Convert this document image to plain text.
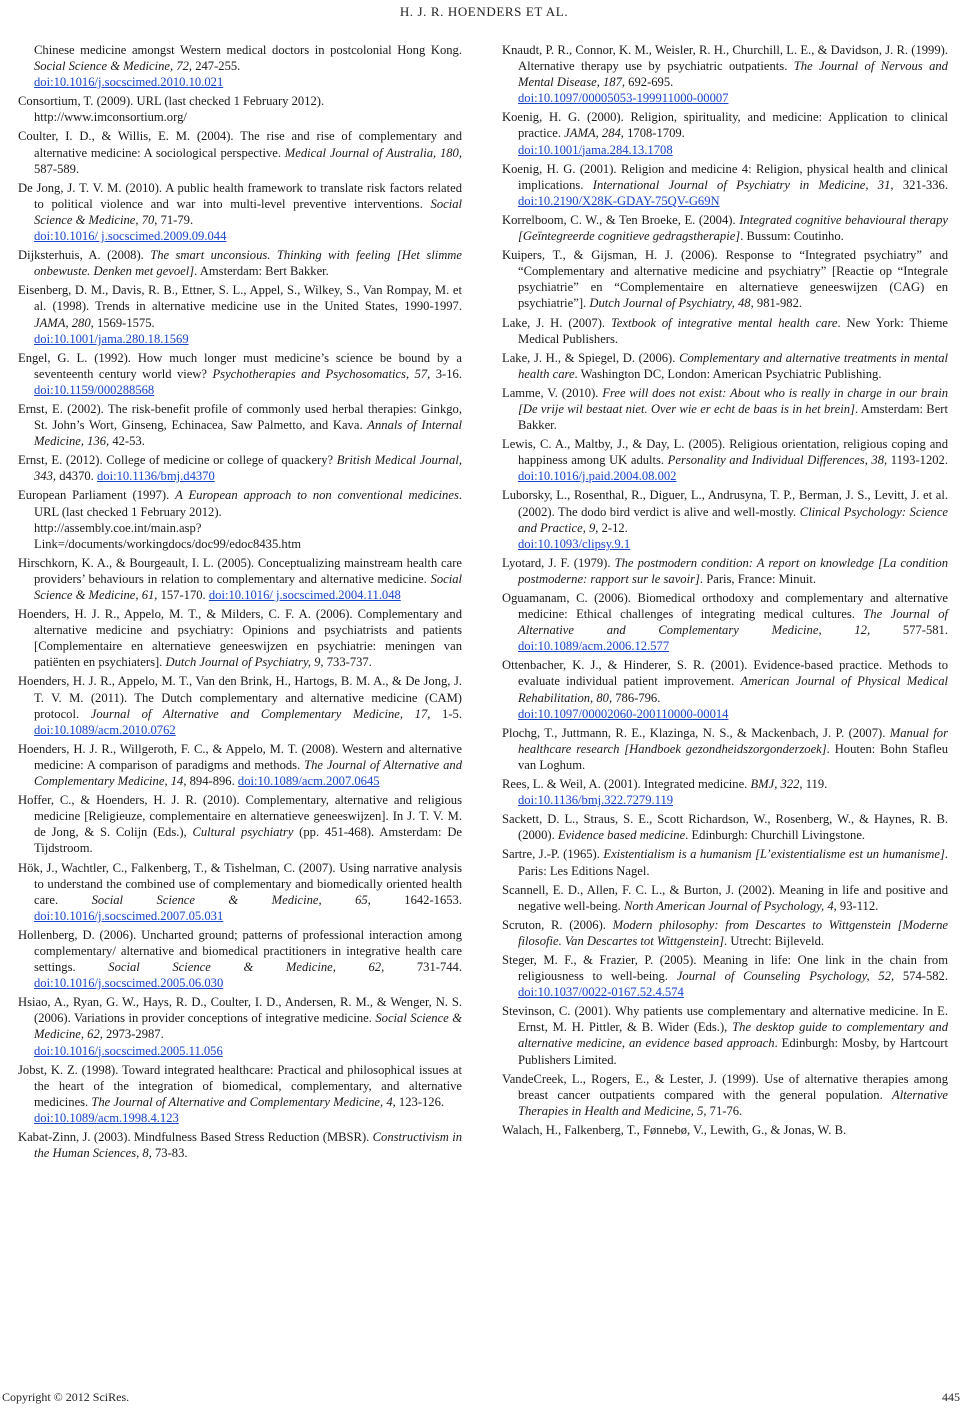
H. J. R. HOENDERS ET AL.

Chinese medicine amongst Western medical doctors in postcolonial Hong Kong. Social Science & Medicine, 72, 247-255.
doi:10.1016/j.socscimed.2010.10.021

Consortium, T. (2009). URL (last checked 1 February 2012).
http://www.imconsortium.org/

Coulter, I. D., & Willis, E. M. (2004). The rise and rise of complementary and alternative medicine: A sociological perspective. Medical Journal of Australia, 180, 587-589.

De Jong, J. T. V. M. (2010). A public health framework to translate risk factors related to political violence and war into multi-level preventive interventions. Social Science & Medicine, 70, 71-79.
doi:10.1016/ j.socscimed.2009.09.044

Dijksterhuis, A. (2008). The smart unconsious. Thinking with feeling [Het slimme onbewuste. Denken met gevoel]. Amsterdam: Bert Bakker.

Eisenberg, D. M., Davis, R. B., Ettner, S. L., Appel, S., Wilkey, S., Van Rompay, M. et al. (1998). Trends in alternative medicine use in the United States, 1990-1997. JAMA, 280, 1569-1575.
doi:10.1001/jama.280.18.1569

Engel, G. L. (1992). How much longer must medicine’s science be bound by a seventeenth century world view? Psychotherapies and Psychosomatics, 57, 3-16. doi:10.1159/000288568

Ernst, E. (2002). The risk-benefit profile of commonly used herbal therapies: Ginkgo, St. John’s Wort, Ginseng, Echinacea, Saw Palmetto, and Kava. Annals of Internal Medicine, 136, 42-53.

Ernst, E. (2012). College of medicine or college of quackery? British Medical Journal, 343, d4370. doi:10.1136/bmj.d4370

European Parliament (1997). A European approach to non conventional medicines. URL (last checked 1 February 2012).
http://assembly.coe.int/main.asp?Link=/documents/workingdocs/doc99/edoc8435.htm

Hirschkorn, K. A., & Bourgeault, I. L. (2005). Conceptualizing mainstream health care providers’ behaviours in relation to complementary and alternative medicine. Social Science & Medicine, 61, 157-170. doi:10.1016/ j.socscimed.2004.11.048

Hoenders, H. J. R., Appelo, M. T., & Milders, C. F. A. (2006). Complementary and alternative medicine and psychiatry: Opinions and psychiatrists and patients [Complementaire en alternatieve geneeswijzen en psychiatrie: meningen van patiënten en psychiaters]. Dutch Journal of Psychiatry, 9, 733-737.

Hoenders, H. J. R., Appelo, M. T., Van den Brink, H., Hartogs, B. M. A., & De Jong, J. T. V. M. (2011). The Dutch complementary and alternative medicine (CAM) protocol. Journal of Alternative and Complementary Medicine, 17, 1-5. doi:10.1089/acm.2010.0762

Hoenders, H. J. R., Willgeroth, F. C., & Appelo, M. T. (2008). Western and alternative medicine: A comparison of paradigms and methods. The Journal of Alternative and Complementary Medicine, 14, 894-896. doi:10.1089/acm.2007.0645

Hoffer, C., & Hoenders, H. J. R. (2010). Complementary, alternative and religious medicine [Religieuze, complementaire en alternatieve geneeswijzen]. In J. T. V. M. de Jong, & S. Colijn (Eds.), Cultural psychiatry (pp. 451-468). Amsterdam: De Tijdstroom.

Hök, J., Wachtler, C., Falkenberg, T., & Tishelman, C. (2007). Using narrative analysis to understand the combined use of complementary and biomedically oriented health care. Social Science & Medicine, 65, 1642-1653. doi:10.1016/j.socscimed.2007.05.031

Hollenberg, D. (2006). Uncharted ground; patterns of professional interaction among complementary/ alternative and biomedical practitioners in integrative health care settings. Social Science & Medicine, 62, 731-744. doi:10.1016/j.socscimed.2005.06.030

Hsiao, A., Ryan, G. W., Hays, R. D., Coulter, I. D., Andersen, R. M., & Wenger, N. S. (2006). Variations in provider conceptions of integrative medicine. Social Science & Medicine, 62, 2973-2987.
doi:10.1016/j.socscimed.2005.11.056

Jobst, K. Z. (1998). Toward integrated healthcare: Practical and philosophical issues at the heart of the integration of biomedical, complementary, and alternative medicines. The Journal of Alternative and Complementary Medicine, 4, 123-126.
doi:10.1089/acm.1998.4.123

Kabat-Zinn, J. (2003). Mindfulness Based Stress Reduction (MBSR). Constructivism in the Human Sciences, 8, 73-83.

Knaudt, P. R., Connor, K. M., Weisler, R. H., Churchill, L. E., & Davidson, J. R. (1999). Alternative therapy use by psychiatric outpatients. The Journal of Nervous and Mental Disease, 187, 692-695.
doi:10.1097/00005053-199911000-00007

Koenig, H. G. (2000). Religion, spirituality, and medicine: Application to clinical practice. JAMA, 284, 1708-1709.
doi:10.1001/jama.284.13.1708

Koenig, H. G. (2001). Religion and medicine 4: Religion, physical health and clinical implications. International Journal of Psychiatry in Medicine, 31, 321-336. doi:10.2190/X28K-GDAY-75QV-G69N

Korrelboom, C. W., & Ten Broeke, E. (2004). Integrated cognitive behavioural therapy [Geïntegreerde cognitieve gedragstherapie]. Bussum: Coutinho.

Kuipers, T., & Gijsman, H. J. (2006). Response to “Integrated psychiatry” and “Complementary and alternative medicine and psychiatry” [Reactie op “Integrale psychiatrie” en “Complementaire en alternatieve geneeswijzen (CAG) en psychiatrie”]. Dutch Journal of Psychiatry, 48, 981-982.

Lake, J. H. (2007). Textbook of integrative mental health care. New York: Thieme Medical Publishers.

Lake, J. H., & Spiegel, D. (2006). Complementary and alternative treatments in mental health care. Washington DC, London: American Psychiatric Publishing.

Lamme, V. (2010). Free will does not exist: About who is really in charge in our brain [De vrije wil bestaat niet. Over wie er echt de baas is in het brein]. Amsterdam: Bert Bakker.

Lewis, C. A., Maltby, J., & Day, L. (2005). Religious orientation, religious coping and happiness among UK adults. Personality and Individual Differences, 38, 1193-1202. doi:10.1016/j.paid.2004.08.002

Luborsky, L., Rosenthal, R., Diguer, L., Andrusyna, T. P., Berman, J. S., Levitt, J. et al. (2002). The dodo bird verdict is alive and well-mostly. Clinical Psychology: Science and Practice, 9, 2-12.
doi:10.1093/clipsy.9.1

Lyotard, J. F. (1979). The postmodern condition: A report on knowledge [La condition postmoderne: rapport sur le savoir]. Paris, France: Minuit.

Oguamanam, C. (2006). Biomedical orthodoxy and complementary and alternative medicine: Ethical challenges of integrating medical cultures. The Journal of Alternative and Complementary Medicine, 12, 577-581. doi:10.1089/acm.2006.12.577

Ottenbacher, K. J., & Hinderer, S. R. (2001). Evidence-based practice. Methods to evaluate individual patient improvement. American Journal of Physical Medical Rehabilitation, 80, 786-796.
doi:10.1097/00002060-200110000-00014

Plochg, T., Juttmann, R. E., Klazinga, N. S., & Mackenbach, J. P. (2007). Manual for healthcare research [Handboek gezondheidszorgonderzoek]. Houten: Bohn Stafleu van Loghum.

Rees, L. & Weil, A. (2001). Integrated medicine. BMJ, 322, 119.
doi:10.1136/bmj.322.7279.119

Sackett, D. L., Straus, S. E., Scott Richardson, W., Rosenberg, W., & Haynes, R. B. (2000). Evidence based medicine. Edinburgh: Churchill Livingstone.

Sartre, J.-P. (1965). Existentialism is a humanism [L’existentialisme est un humanisme]. Paris: Les Editions Nagel.

Scannell, E. D., Allen, F. C. L., & Burton, J. (2002). Meaning in life and positive and negative well-being. North American Journal of Psychology, 4, 93-112.

Scruton, R. (2006). Modern philosophy: from Descartes to Wittgenstein [Moderne filosofie. Van Descartes tot Wittgenstein]. Utrecht: Bijleveld.

Steger, M. F., & Frazier, P. (2005). Meaning in life: One link in the chain from religiousness to well-being. Journal of Counseling Psychology, 52, 574-582. doi:10.1037/0022-0167.52.4.574

Stevinson, C. (2001). Why patients use complementary and alternative medicine. In E. Ernst, M. H. Pittler, & B. Wider (Eds.), The desktop guide to complementary and alternative medicine, an evidence based approach. Edinburgh: Mosby, by Hartcourt Publishers Limited.

VandeCreek, L., Rogers, E., & Lester, J. (1999). Use of alternative therapies among breast cancer outpatients compared with the general population. Alternative Therapies in Health and Medicine, 5, 71-76.

Walach, H., Falkenberg, T., Fønnebø, V., Lewith, G., & Jonas, W. B.

Copyright © 2012 SciRes.	445
